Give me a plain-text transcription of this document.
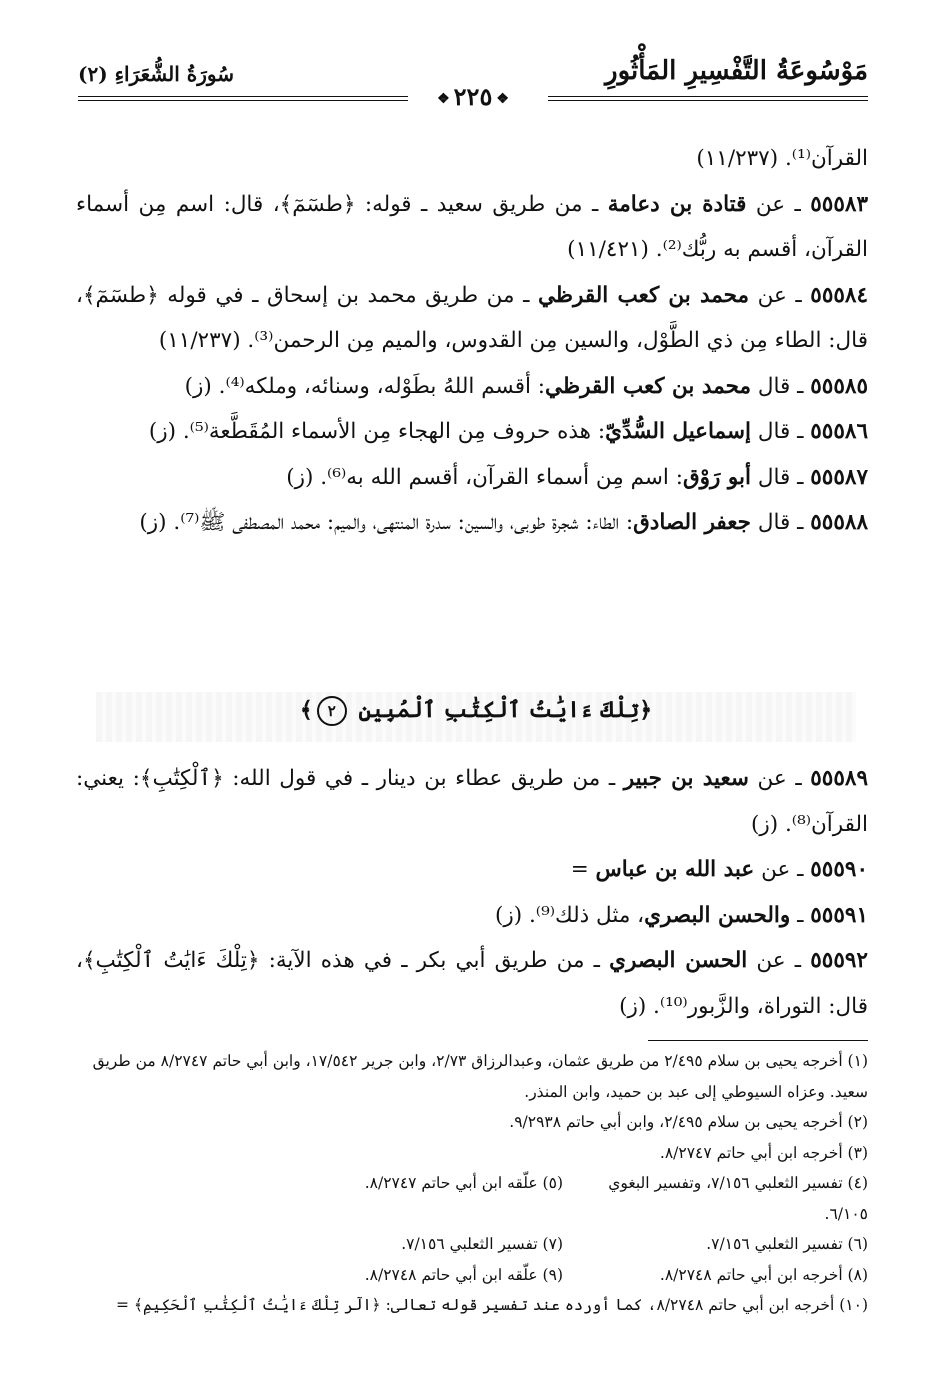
مَوْسُوعَةُ التَّفْسِيرِ المَأْثُورِ
سُورَةُ الشُّعَرَاءِ (٢)
❖٢٢٥❖

القرآن⁽¹⁾. (١١/٢٣٧)

٥٥٥٨٣ ـ عن قتادة بن دعامة ـ من طريق سعيد ـ قوله: ﴿طسٓمٓ﴾، قال: اسم مِن أسماء القرآن، أقسم به ربُّك⁽²⁾. (١١/٤٢١)

٥٥٥٨٤ ـ عن محمد بن كعب القرظي ـ من طريق محمد بن إسحاق ـ في قوله ﴿طسٓمٓ﴾، قال: الطاء مِن ذي الطَّوْل، والسين مِن القدوس، والميم مِن الرحمن⁽³⁾. (١١/٢٣٧)

٥٥٥٨٥ ـ قال محمد بن كعب القرظي: أقسم اللهُ بطَوْله، وسنائه، وملكه⁽⁴⁾. (ز)

٥٥٥٨٦ ـ قال إسماعيل السُّدِّيّ: هذه حروف مِن الهجاء مِن الأسماء المُقَطَّعة⁽⁵⁾. (ز)

٥٥٥٨٧ ـ قال أبو رَوْق: اسم مِن أسماء القرآن، أقسم الله به⁽⁶⁾. (ز)

٥٥٥٨٨ ـ قال جعفر الصادق: الطاء: شجرة طوبى، والسين: سدرة المنتهى، والميم: محمد المصطفى ﷺ⁽⁷⁾. (ز)

﴿تِلْكَ ءَايَٰتُ ٱلْكِتَٰبِ ٱلْمُبِينِ ٢﴾

٥٥٥٨٩ ـ عن سعيد بن جبير ـ من طريق عطاء بن دينار ـ في قول الله: ﴿ٱلْكِتَٰبِ﴾: يعني: القرآن⁽⁸⁾. (ز)

٥٥٥٩٠ ـ عن عبد الله بن عباس =

٥٥٥٩١ ـ والحسن البصري، مثل ذلك⁽⁹⁾. (ز)

٥٥٥٩٢ ـ عن الحسن البصري ـ من طريق أبي بكر ـ في هذه الآية: ﴿تِلْكَ ءَايَٰتُ ٱلْكِتَٰبِ﴾، قال: التوراة، والزَّبور⁽¹⁰⁾. (ز)

(١) أخرجه يحيى بن سلام ٢/٤٩٥ من طريق عثمان، وعبدالرزاق ٢/٧٣، وابن جرير ١٧/٥٤٢، وابن أبي حاتم ٨/٢٧٤٧ من طريق سعيد. وعزاه السيوطي إلى عبد بن حميد، وابن المنذر.

(٢) أخرجه يحيى بن سلام ٢/٤٩٥، وابن أبي حاتم ٩/٢٩٣٨.

(٣) أخرجه ابن أبي حاتم ٨/٢٧٤٧.

(٤) تفسير الثعلبي ٧/١٥٦، وتفسير البغوي ٦/١٠٥.
(٥) علّقه ابن أبي حاتم ٨/٢٧٤٧.
(٦) تفسير الثعلبي ٧/١٥٦.
(٧) تفسير الثعلبي ٧/١٥٦.
(٨) أخرجه ابن أبي حاتم ٨/٢٧٤٨.
(٩) علّقه ابن أبي حاتم ٨/٢٧٤٨.

(١٠) أخرجه ابن أبي حاتم ٨/٢٧٤٨، كما أورده عند تفسير قوله تعالى: ﴿الٓر تِلْكَ ءَايَٰتُ ٱلْكِتَٰبِ ٱلْحَكِيمِ﴾ =
